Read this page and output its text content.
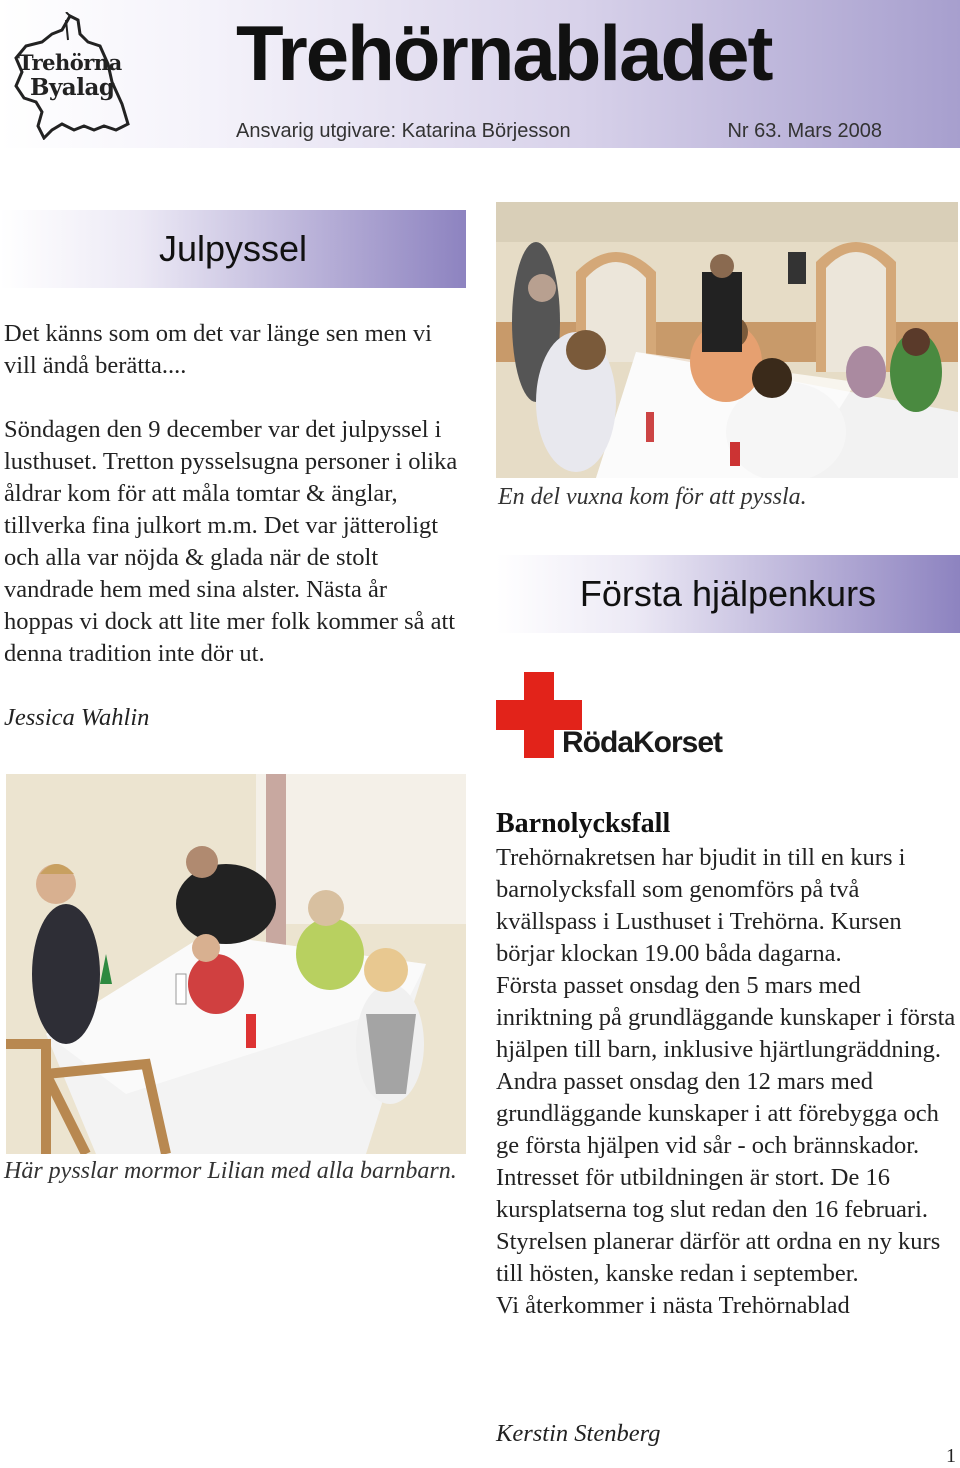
Trehörna
Byalag Trehörnabladet
Ansvarig utgivare: Katarina Börjesson	Nr 63. Mars 2008
Julpyssel

Det känns som om det var länge sen men vi vill ändå berätta....

Söndagen den 9 december var det julpyssel i lusthuset. Tretton pysselsugna personer i olika åldrar kom för att måla tomtar & änglar, tillverka fina julkort m.m. Det var jätteroligt och alla var nöjda & glada när de stolt vandrade hem med sina alster. Nästa år hoppas vi dock att lite mer folk kommer så att denna tradition inte dör ut.

Jessica Wahlin
En del vuxna kom för att pyssla.
Här pysslar mormor Lilian med alla barnbarn.
Första hjälpenkurs
RödaKorset
Barnolycksfall

Trehörnakretsen har bjudit in till en kurs i barnolycksfall som genomförs på två kvällspass i Lusthuset i Trehörna. Kursen börjar klockan 19.00 båda dagarna.

Första passet onsdag den 5 mars med inriktning på grundläggande kunskaper i första hjälpen till barn, inklusive hjärtlungräddning.

Andra passet onsdag den 12 mars med grundläggande kunskaper i att förebygga och ge första hjälpen vid sår - och brännskador.

Intresset för utbildningen är stort. De 16 kursplatserna tog slut redan den 16 februari. Styrelsen planerar därför att ordna en ny kurs till hösten, kanske redan i september.

Vi återkommer i nästa Trehörnablad

Kerstin Stenberg
1
